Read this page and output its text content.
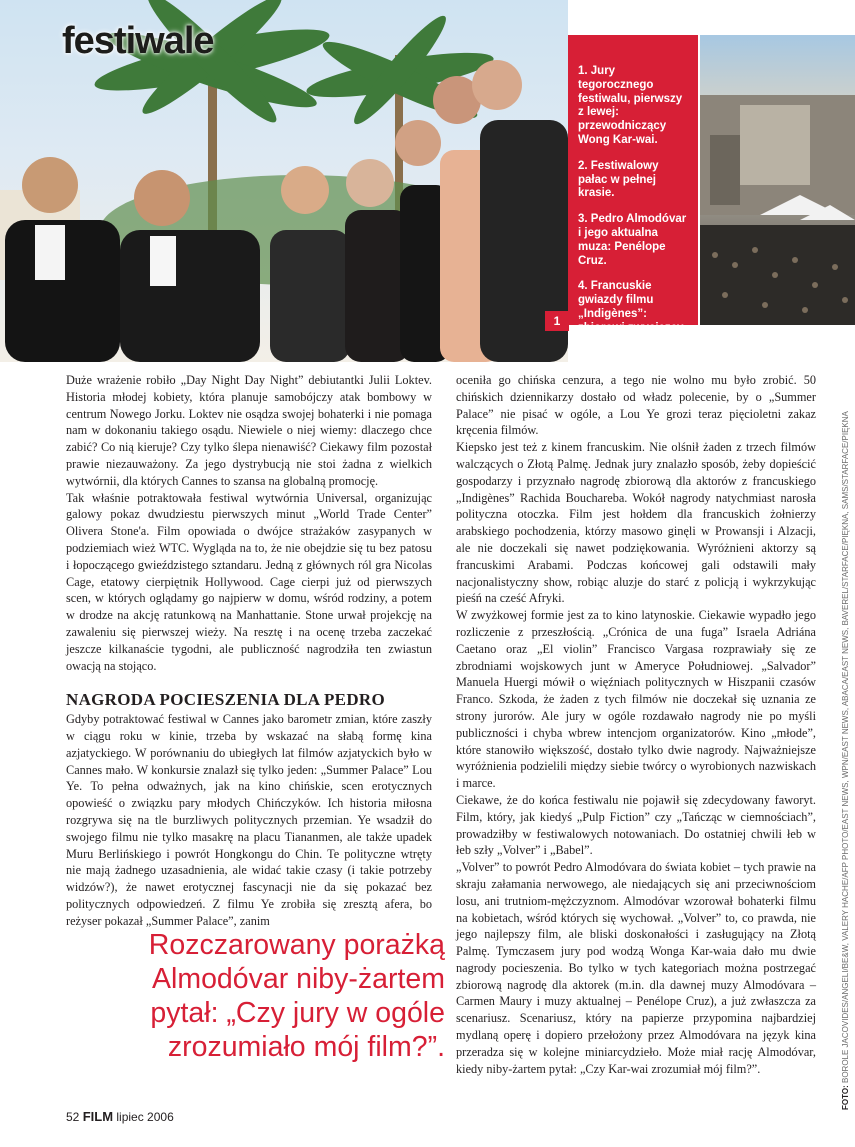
festiwale
1. Jury tegorocznego festiwalu, pierwszy z lewej: przewodniczący Wong Kar-wai.
2. Festiwalowy pałac w pełnej krasie.
3. Pedro Almodóvar i jego aktualna muza: Penélope Cruz.
4. Francuskie gwiazdy filmu „Indigènes”: zbiorowi zwycięzcy kategorii „najlepszy aktor”.
1

Duże wrażenie robiło „Day Night Day Night” debiutantki Julii Loktev. Historia młodej kobiety, która planuje samobójczy atak bombowy w centrum Nowego Jorku. Loktev nie osądza swojej bohaterki i nie pomaga nam w dokonaniu takiego osądu. Niewiele o niej wiemy: dlaczego chce zabić? Co nią kieruje? Czy tylko ślepa nienawiść? Ciekawy film pozostał prawie niezauważony. Za jego dystrybucją nie stoi żadna z wielkich wytwórnii, dla których Cannes to szansa na globalną promocję.

Tak właśnie potraktowała festiwal wytwórnia Universal, organizując galowy pokaz dwudziestu pierwszych minut „World Trade Center” Olivera Stone'a. Film opowiada o dwójce strażaków zasypanych w podziemiach wież WTC. Wygląda na to, że nie obejdzie się tu bez patosu i łopoczącego gwieździstego sztandaru. Jedną z głównych ról gra Nicolas Cage, etatowy cierpiętnik Hollywood. Cage cierpi już od pierwszych scen, w których oglądamy go najpierw w domu, wśród rodziny, a potem w drodze na akcję ratunkową na Manhattanie. Stone urwał projekcję na zawaleniu się pierwszej wieży. Na resztę i na ocenę trzeba zaczekać jeszcze kilkanaście tygodni, ale publiczność nagrodziła ten zwiastun owacją na stojąco.

NAGRODA POCIESZENIA DLA PEDRO

Gdyby potraktować festiwal w Cannes jako barometr zmian, które zaszły w ciągu roku w kinie, trzeba by wskazać na słabą formę kina azjatyckiego. W porównaniu do ubiegłych lat filmów azjatyckich było w Cannes mało. W konkursie znalazł się tylko jeden: „Summer Palace” Lou Ye. To pełna odważnych, jak na kino chińskie, scen erotycznych opowieść o związku pary młodych Chińczyków. Ich historia miłosna rozgrywa się na tle burzliwych politycznych przemian. Ye wsadził do swojego filmu nie tylko masakrę na placu Tiananmen, ale także upadek Muru Berlińskiego i powrót Hongkongu do Chin. Te polityczne wtręty nie mają żadnego uzasadnienia, ale widać takie czasy (i takie potrzeby widzów?), że nawet erotycznej fascynacji nie da się pokazać bez politycznych odpowiedzeń. Z filmu Ye zrobiła się zresztą afera, bo reżyser pokazał „Summer Palace”, zanim

Rozczarowany porażką Almodóvar niby-żartem pytał: „Czy jury w ogóle zrozumiało mój film?”.

oceniła go chińska cenzura, a tego nie wolno mu było zrobić. 50 chińskich dziennikarzy dostało od władz polecenie, by o „Summer Palace” nie pisać w ogóle, a Lou Ye grozi teraz pięcioletni zakaz kręcenia filmów.

Kiepsko jest też z kinem francuskim. Nie olśnił żaden z trzech filmów walczących o Złotą Palmę. Jednak jury znalazło sposób, żeby dopieścić gospodarzy i przyznało nagrodę zbiorową dla aktorów z francuskiego „Indigènes” Rachida Bouchareba. Wokół nagrody natychmiast narosła polityczna otoczka. Film jest hołdem dla francuskich żołnierzy arabskiego pochodzenia, którzy masowo ginęli w Prowansji i Alzacji, ale nie doczekali się nawet podziękowania. Wyróżnieni aktorzy są francuskimi Arabami. Podczas końcowej gali odstawili mały nacjonalistyczny show, robiąc aluzje do starć z policją i wykrzykując pieśń na cześć Afryki.

W zwyżkowej formie jest za to kino latynoskie. Ciekawie wypadło jego rozliczenie z przeszłością. „Crónica de una fuga” Israela Adriána Caetano oraz „El violin” Francisco Vargasa rozprawiały się ze zbrodniami wojskowych junt w Ameryce Południowej. „Salvador” Manuela Huergi mówił o więźniach politycznych w Hiszpanii czasów Franco. Szkoda, że żaden z tych filmów nie doczekał się uznania ze strony jurorów. Ale jury w ogóle rozdawało nagrody nie po myśli publiczności i chyba wbrew intencjom organizatorów. Kino „młode”, które stanowiło większość, dostało tylko dwie nagrody. Najważniejsze wyróżnienia podzielili między siebie twórcy o wyrobionych nazwiskach i marce.

Ciekawe, że do końca festiwalu nie pojawił się zdecydowany faworyt. Film, który, jak kiedyś „Pulp Fiction” czy „Tańcząc w ciemnościach”, prowadziłby w festiwalowych notowaniach. Do ostatniej chwili łeb w łeb szły „Volver” i „Babel”.

„Volver” to powrót Pedro Almodóvara do świata kobiet – tych prawie na skraju załamania nerwowego, ale niedających się ani przeciwnościom losu, ani trutniom-mężczyznom. Almodóvar wzorował bohaterki filmu na kobietach, wśród których się wychował. „Volver” to, co prawda, nie jego najlepszy film, ale bliski doskonałości i zasługujący na Złotą Palmę. Tymczasem jury pod wodzą Wonga Kar-waia dało mu dwie nagrody pocieszenia. Bo tylko w tych kategoriach można postrzegać zbiorową nagrodę dla aktorek (m.in. dla dawnej muzy Almodóvara – Carmen Maury i muzy aktualnej – Penélope Cruz), a już zwłaszcza za scenariusz. Scenariusz, który na papierze przypomina najbardziej mydlaną operę i dopiero przełożony przez Almodóvara na język kina przeradza się w kolejne miniarcydzieło. Może miał rację Almodóvar, kiedy niby-żartem pytał: „Czy Kar-wai zrozumiał mój film?”.

52 FILM lipiec 2006
FOTO: BOROLE JACOVIDES/ANGELI/BE&W, VALERY HACHE/AFP PHOTO/EAST NEWS, WPN/EAST NEWS, ABACA/EAST NEWS, BAVEREL/STARFACE/PIĘKNA, SAMS/STARFACE/PIĘKNA
